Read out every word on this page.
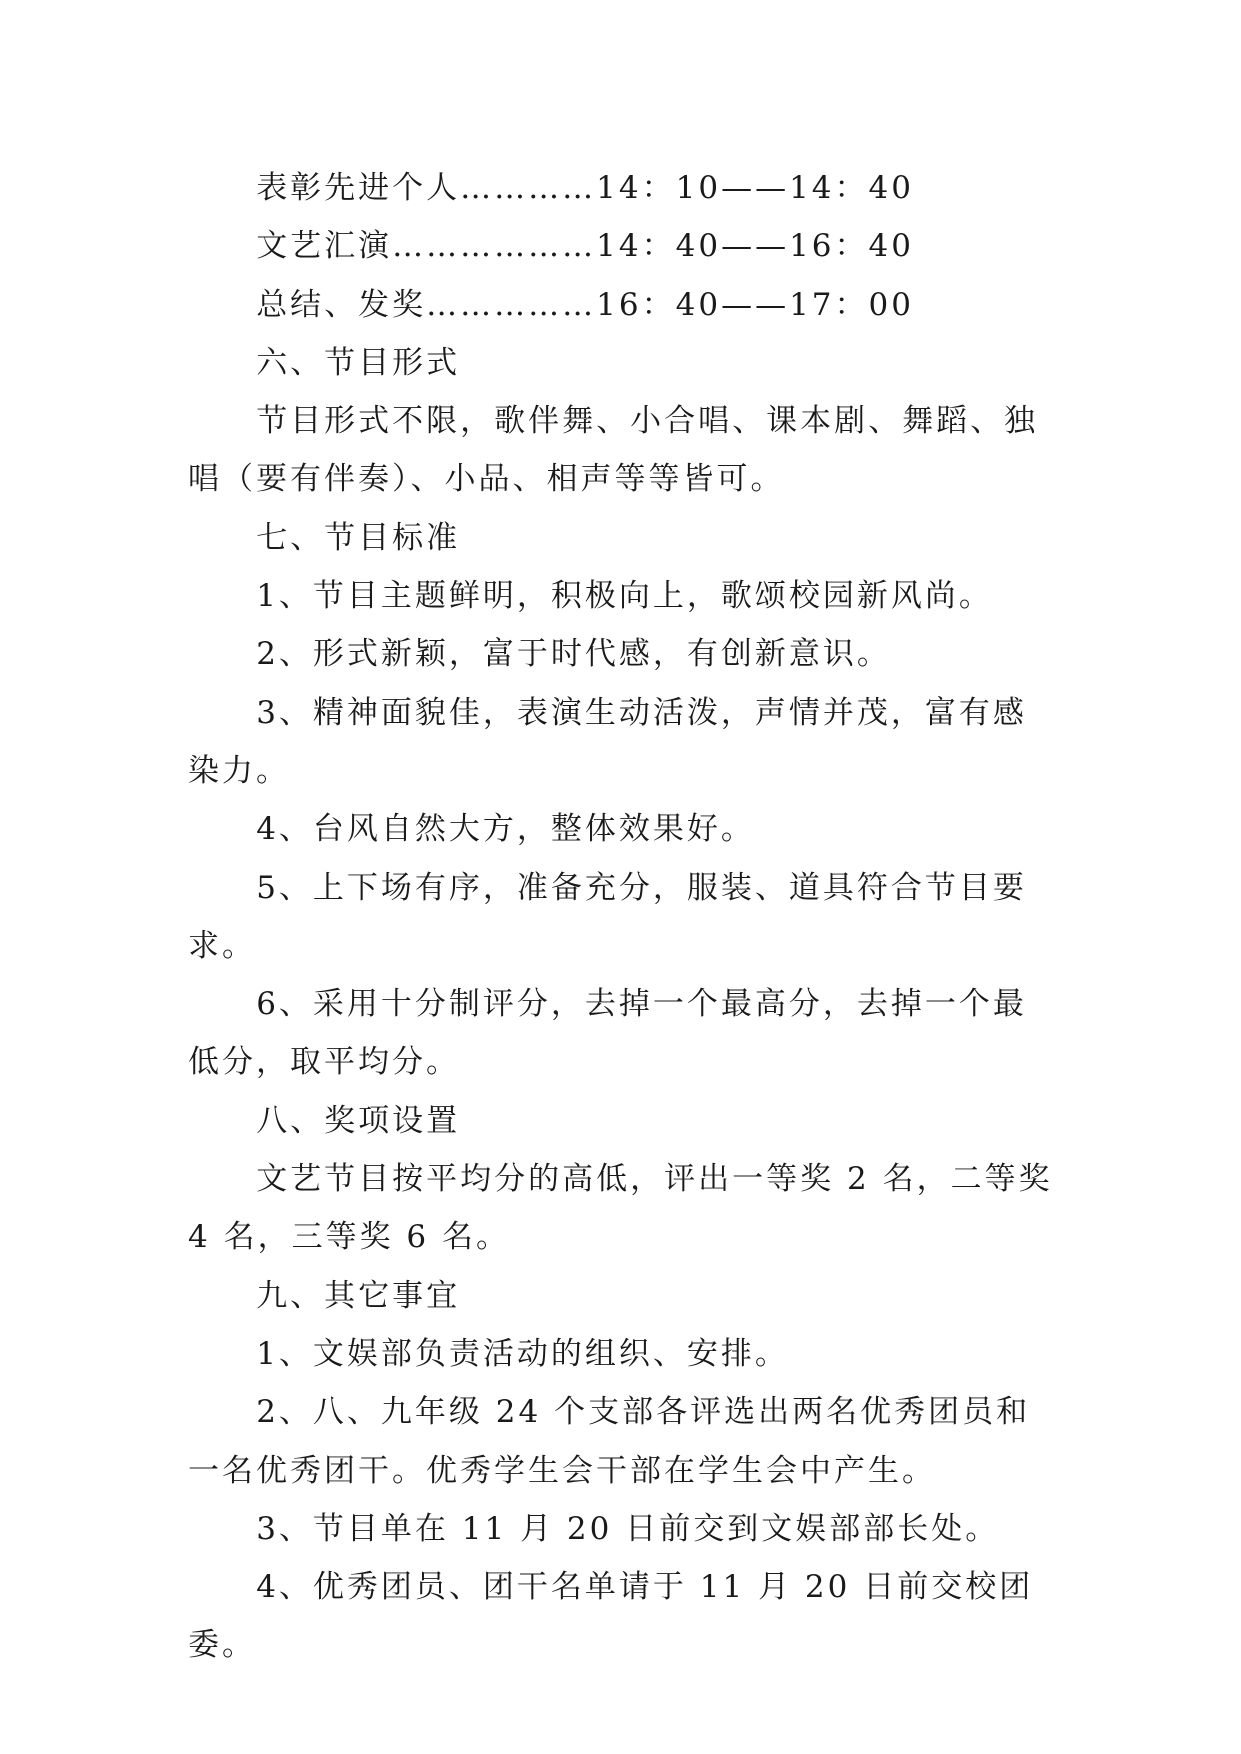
表彰先进个人…………14：10——14：40

文艺汇演………………14：40——16：40

总结、发奖……………16：40——17：00

六、节目形式

节目形式不限，歌伴舞、小合唱、课本剧、舞蹈、独唱（要有伴奏）、小品、相声等等皆可。

七、节目标准

1、节目主题鲜明，积极向上，歌颂校园新风尚。

2、形式新颖，富于时代感，有创新意识。

3、精神面貌佳，表演生动活泼，声情并茂，富有感染力。

4、台风自然大方，整体效果好。

5、上下场有序，准备充分，服装、道具符合节目要求。

6、采用十分制评分，去掉一个最高分，去掉一个最低分，取平均分。

八、奖项设置

文艺节目按平均分的高低，评出一等奖 2 名，二等奖 4 名，三等奖 6 名。

九、其它事宜

1、文娱部负责活动的组织、安排。

2、八、九年级 24 个支部各评选出两名优秀团员和一名优秀团干。优秀学生会干部在学生会中产生。

3、节目单在 11 月 20 日前交到文娱部部长处。

4、优秀团员、团干名单请于 11 月 20 日前交校团委。
